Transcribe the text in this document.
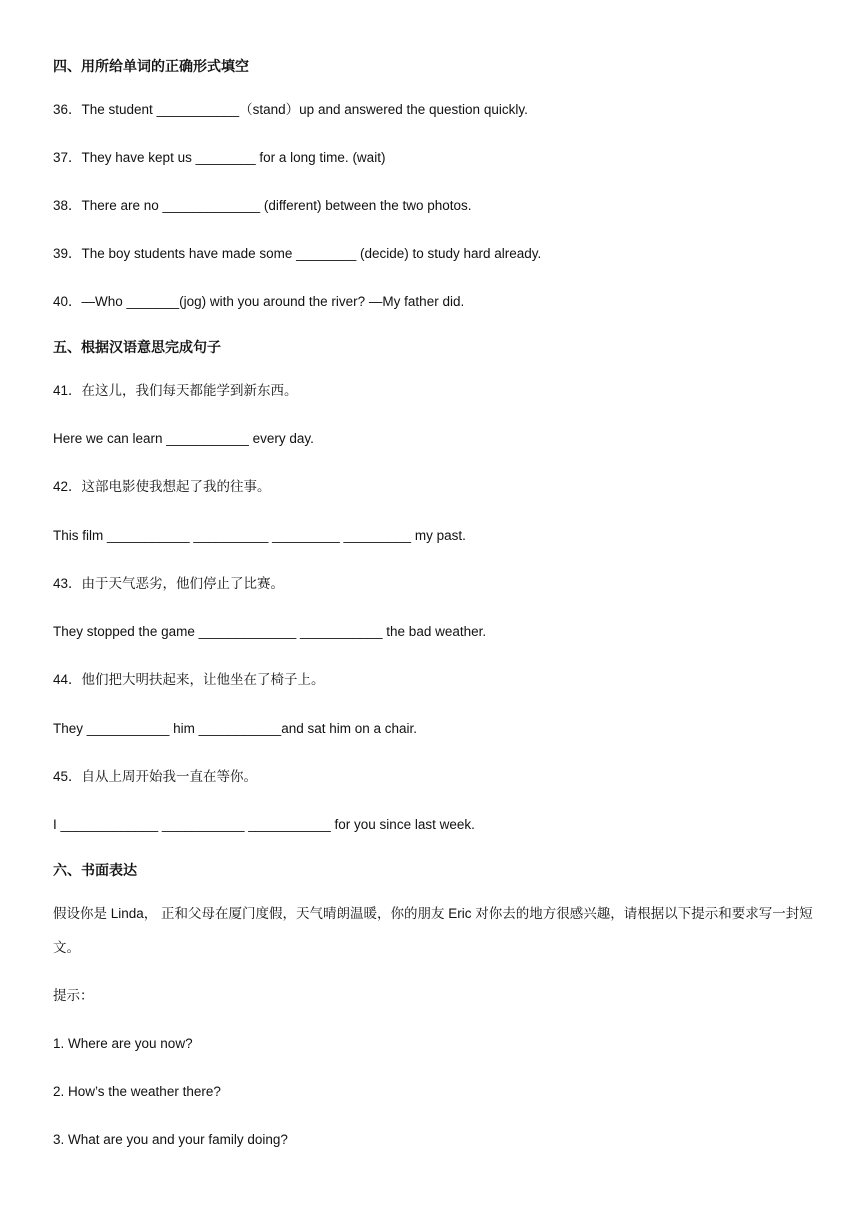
四、用所给单词的正确形式填空
36．The student ___________（stand）up and answered the question quickly.
37．They have kept us ________ for a long time. (wait)
38．There are no _____________ (different) between the two photos.
39．The boy students have made some ________ (decide) to study hard already.
40．—Who _______(jog) with you around the river? —My father did.
五、根据汉语意思完成句子
41．在这儿，我们每天都能学到新东西。
Here we can learn ___________ every day.
42．这部电影使我想起了我的往事。
This film ___________ __________ _________ _________ my past.
43．由于天气恶劣，他们停止了比赛。
They stopped the game _____________ ___________ the bad weather.
44．他们把大明扶起来，让他坐在了椅子上。
They ___________ him ___________and sat him on a chair.
45．自从上周开始我一直在等你。
I _____________ ___________ ___________ for you since last week.
六、书面表达
假设你是 Linda， 正和父母在厦门度假，天气晴朗温暖，你的朋友 Eric 对你去的地方很感兴趣，请根据以下提示和要求写一封短文。
提示：
1. Where are you now?
2. How’s the weather there?
3. What are you and your family doing?
